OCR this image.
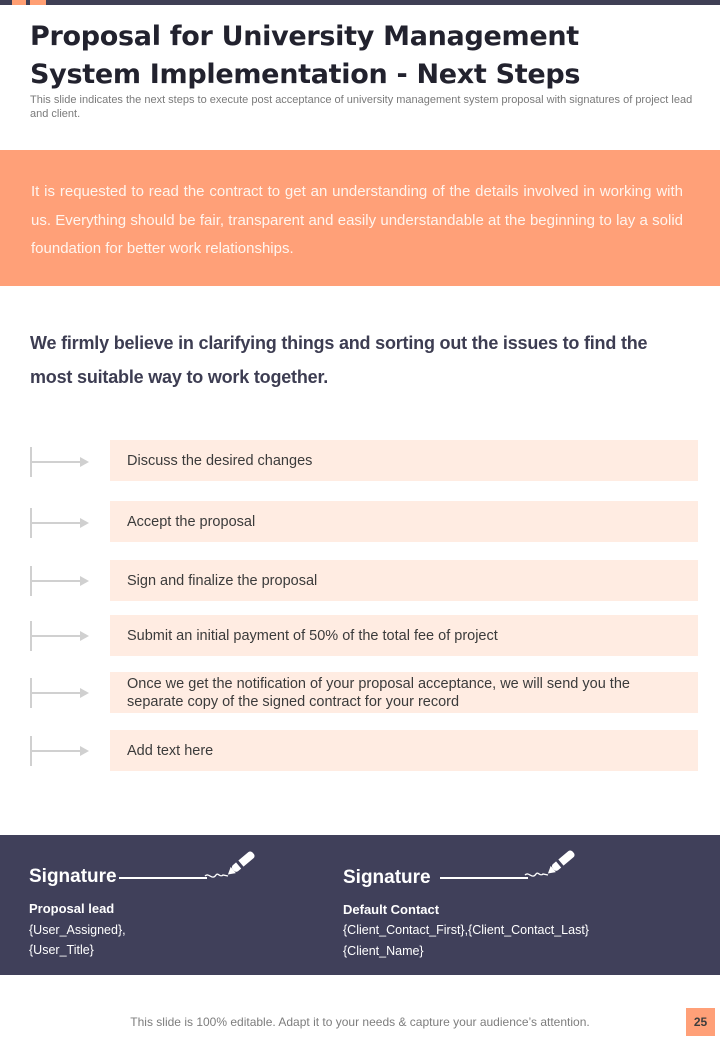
Proposal for University Management System Implementation - Next Steps

This slide indicates the next steps to execute post acceptance of university management system proposal with signatures of project lead and client.

It is requested to read the contract to get an understanding of the details involved in working with us. Everything should be fair, transparent and easily understandable at the beginning to lay a solid foundation for better work relationships.

We firmly believe in clarifying things and sorting out the issues to find the most suitable way to work together.

Discuss the desired changes
Accept the proposal
Sign and finalize the proposal
Submit an initial payment of 50% of the total fee of project
Once we get the notification of your proposal acceptance, we will send you the separate copy of the signed contract for your record
Add text here
Signature
Proposal lead
{User_Assigned},
{User_Title}
Signature
Default Contact
{Client_Contact_First},{Client_Contact_Last}
{Client_Name}
This slide is 100% editable. Adapt it to your needs & capture your audience’s attention.	25
